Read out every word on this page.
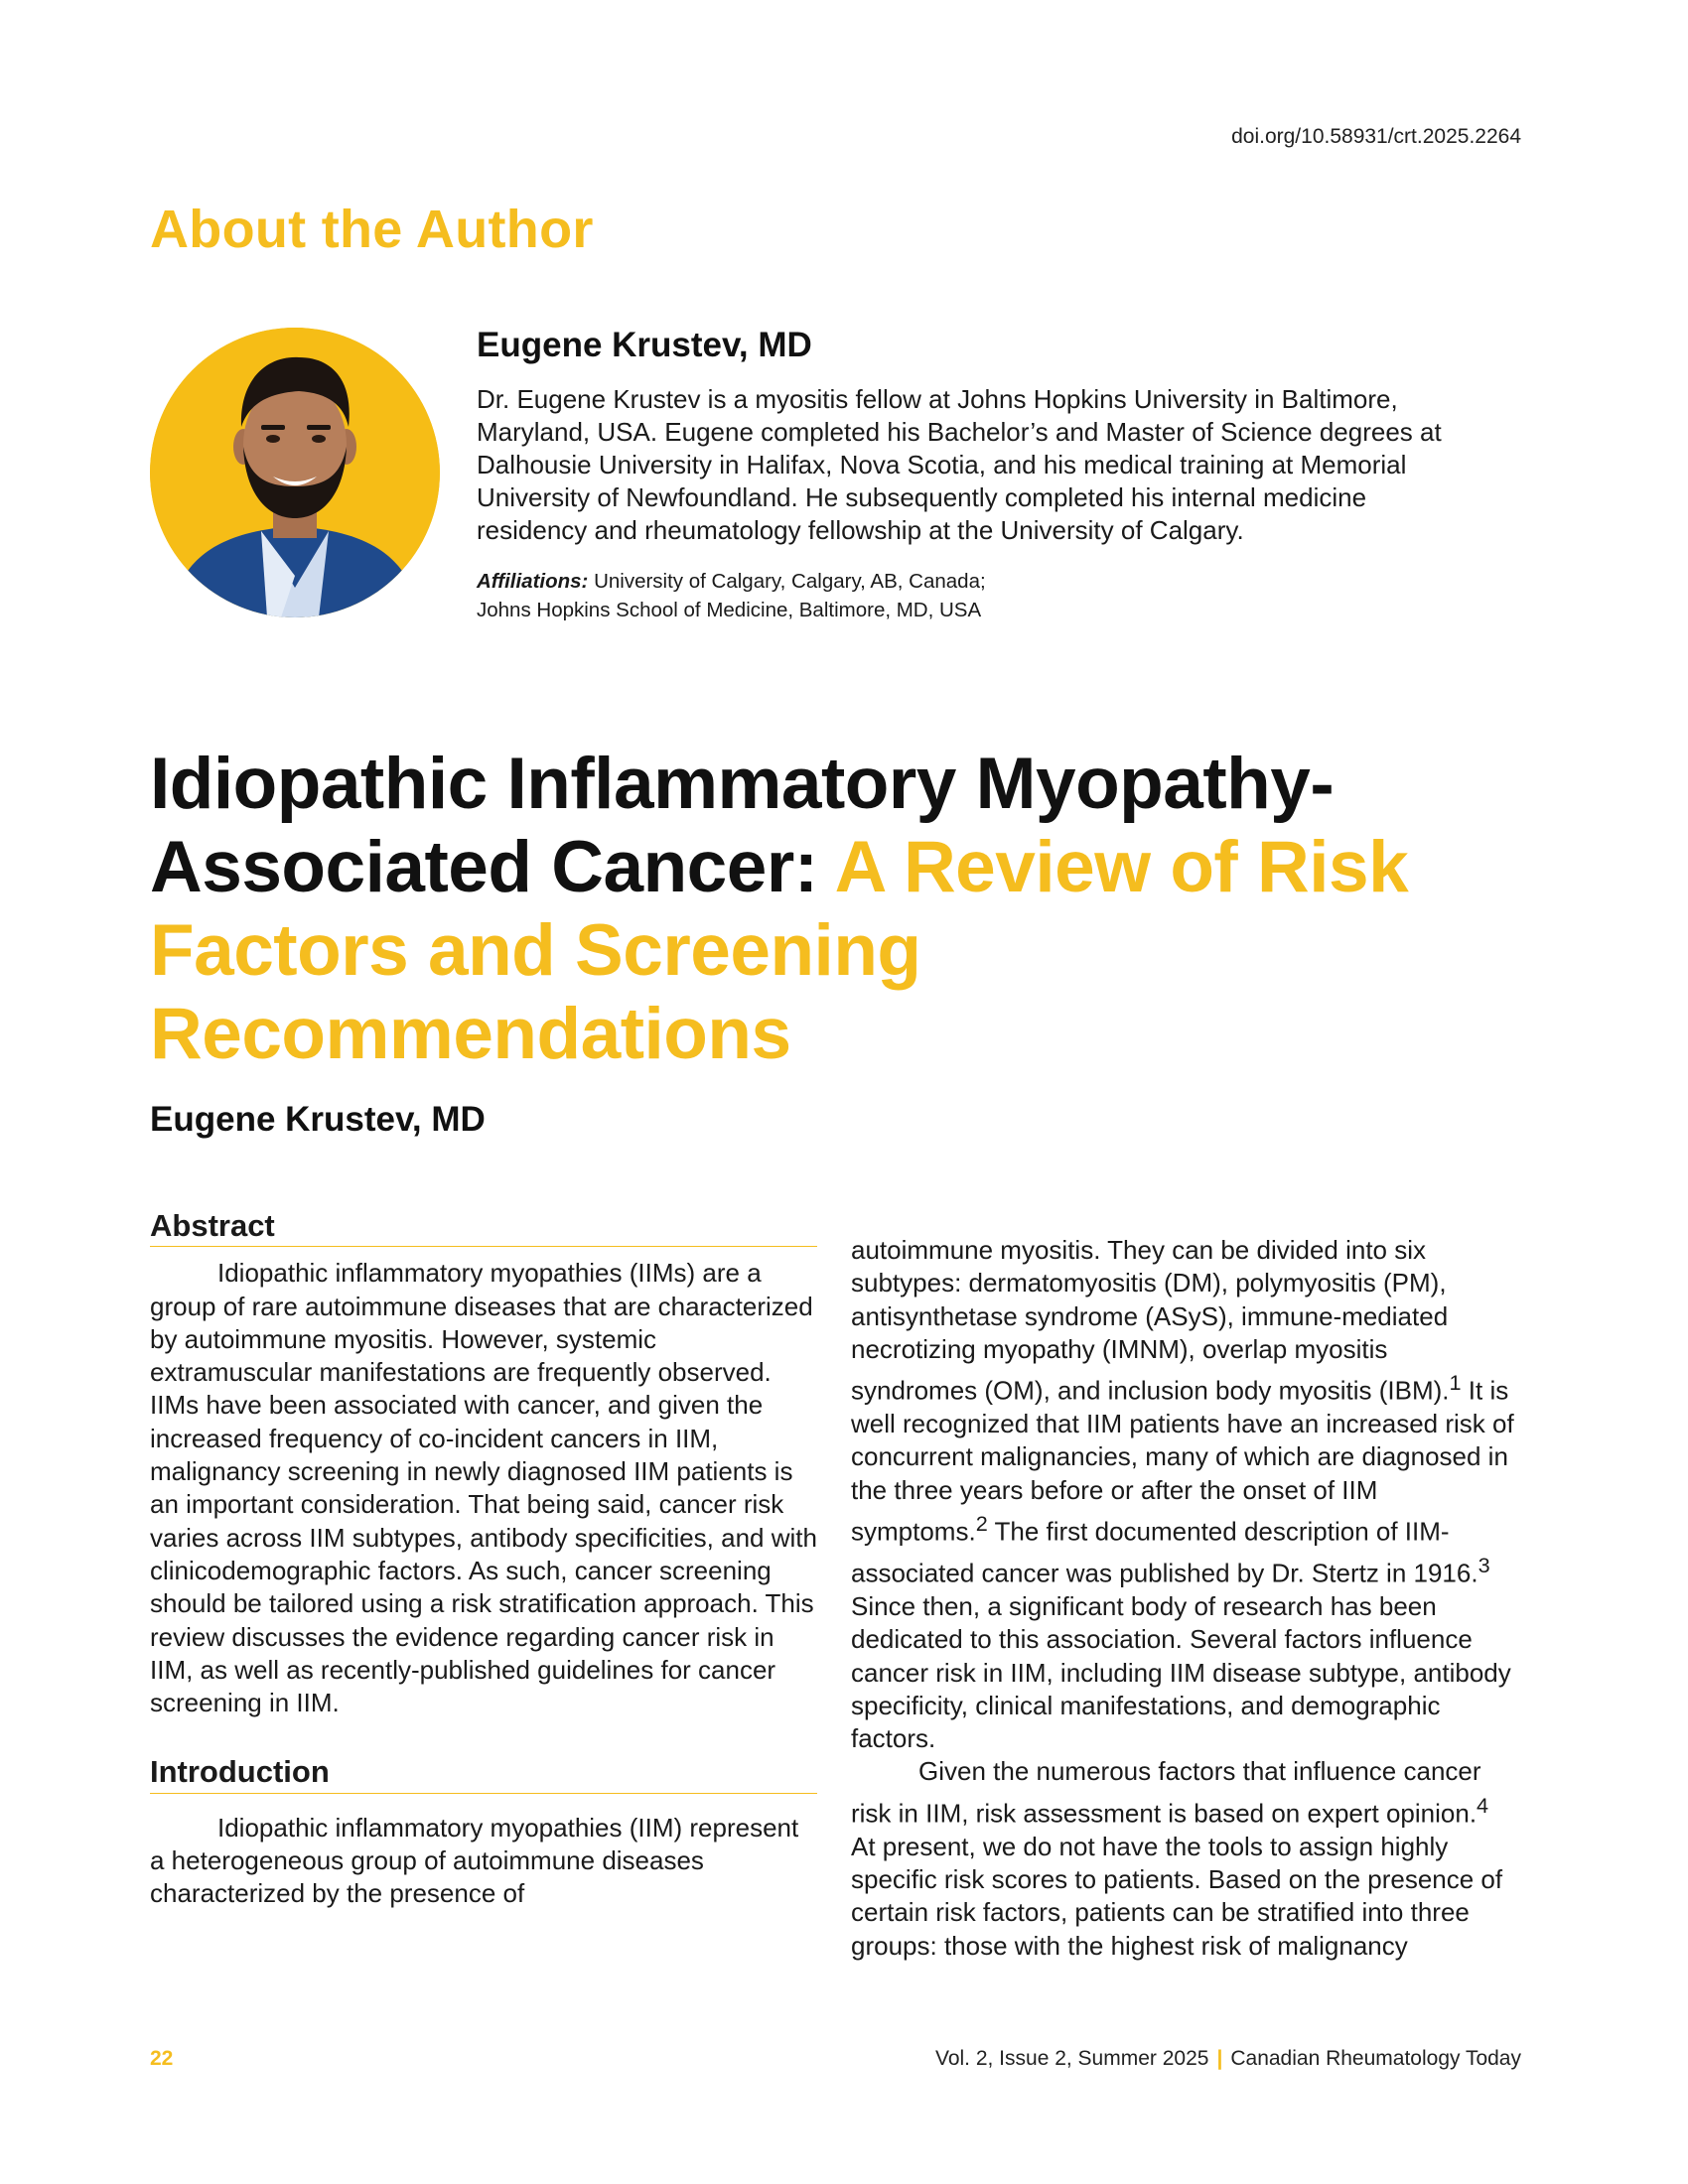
doi.org/10.58931/crt.2025.2264
About the Author
Eugene Krustev, MD

Dr. Eugene Krustev is a myositis fellow at Johns Hopkins University in Baltimore, Maryland, USA. Eugene completed his Bachelor’s and Master of Science degrees at Dalhousie University in Halifax, Nova Scotia, and his medical training at Memorial University of Newfoundland. He subsequently completed his internal medicine residency and rheumatology fellowship at the University of Calgary.

Affiliations: University of Calgary, Calgary, AB, Canada;
Johns Hopkins School of Medicine, Baltimore, MD, USA

Idiopathic Inflammatory Myopathy-Associated Cancer: A Review of Risk Factors and Screening Recommendations
Eugene Krustev, MD
Abstract

Idiopathic inflammatory myopathies (IIMs) are a group of rare autoimmune diseases that are characterized by autoimmune myositis. However, systemic extramuscular manifestations are frequently observed. IIMs have been associated with cancer, and given the increased frequency of co-incident cancers in IIM, malignancy screening in newly diagnosed IIM patients is an important consideration. That being said, cancer risk varies across IIM subtypes, antibody specificities, and with clinicodemographic factors. As such, cancer screening should be tailored using a risk stratification approach. This review discusses the evidence regarding cancer risk in IIM, as well as recently-published guidelines for cancer screening in IIM.

Introduction

Idiopathic inflammatory myopathies (IIM) represent a heterogeneous group of autoimmune diseases characterized by the presence of

autoimmune myositis. They can be divided into six subtypes: dermatomyositis (DM), polymyositis (PM), antisynthetase syndrome (ASyS), immune-mediated necrotizing myopathy (IMNM), overlap myositis syndromes (OM), and inclusion body myositis (IBM).$^1$ It is well recognized that IIM patients have an increased risk of concurrent malignancies, many of which are diagnosed in the three years before or after the onset of IIM symptoms.$^2$ The first documented description of IIM-associated cancer was published by Dr. Stertz in 1916.$^3$ Since then, a significant body of research has been dedicated to this association. Several factors influence cancer risk in IIM, including IIM disease subtype, antibody specificity, clinical manifestations, and demographic factors.

Given the numerous factors that influence cancer risk in IIM, risk assessment is based on expert opinion.$^4$ At present, we do not have the tools to assign highly specific risk scores to patients. Based on the presence of certain risk factors, patients can be stratified into three groups: those with the highest risk of malignancy

22	Vol. 2, Issue 2, Summer 2025 | Canadian Rheumatology Today
